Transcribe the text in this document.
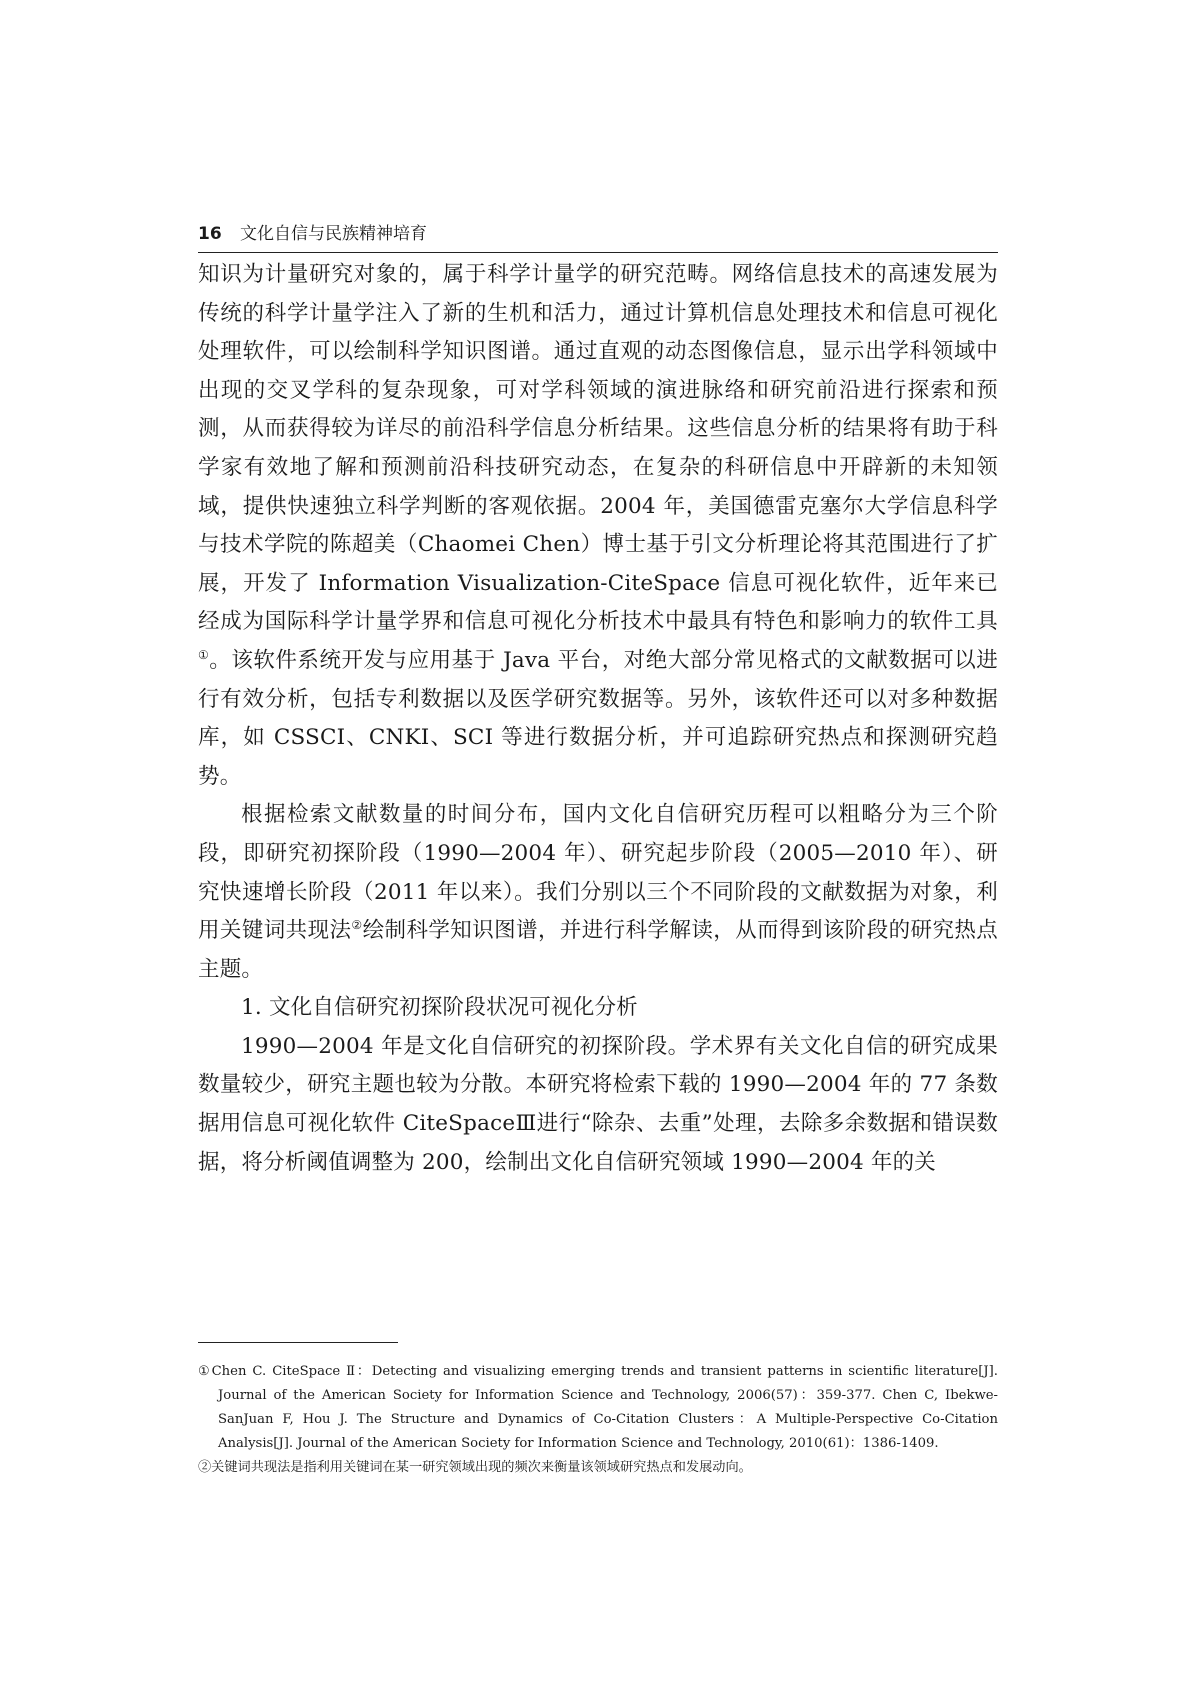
16 文化自信与民族精神培育

知识为计量研究对象的，属于科学计量学的研究范畴。网络信息技术的高速发展为传统的科学计量学注入了新的生机和活力，通过计算机信息处理技术和信息可视化处理软件，可以绘制科学知识图谱。通过直观的动态图像信息，显示出学科领域中出现的交叉学科的复杂现象，可对学科领域的演进脉络和研究前沿进行探索和预测，从而获得较为详尽的前沿科学信息分析结果。这些信息分析的结果将有助于科学家有效地了解和预测前沿科技研究动态，在复杂的科研信息中开辟新的未知领域，提供快速独立科学判断的客观依据。2004 年，美国德雷克塞尔大学信息科学与技术学院的陈超美（Chaomei Chen）博士基于引文分析理论将其范围进行了扩展，开发了 Information Visualization-CiteSpace 信息可视化软件，近年来已经成为国际科学计量学界和信息可视化分析技术中最具有特色和影响力的软件工具①。该软件系统开发与应用基于 Java 平台，对绝大部分常见格式的文献数据可以进行有效分析，包括专利数据以及医学研究数据等。另外，该软件还可以对多种数据库，如 CSSCI、CNKI、SCI 等进行数据分析，并可追踪研究热点和探测研究趋势。

根据检索文献数量的时间分布，国内文化自信研究历程可以粗略分为三个阶段，即研究初探阶段（1990—2004 年）、研究起步阶段（2005—2010 年）、研究快速增长阶段（2011 年以来）。我们分别以三个不同阶段的文献数据为对象，利用关键词共现法②绘制科学知识图谱，并进行科学解读，从而得到该阶段的研究热点主题。

1. 文化自信研究初探阶段状况可视化分析

1990—2004 年是文化自信研究的初探阶段。学术界有关文化自信的研究成果数量较少，研究主题也较为分散。本研究将检索下载的 1990—2004 年的 77 条数据用信息可视化软件 CiteSpaceⅢ进行“除杂、去重”处理，去除多余数据和错误数据，将分析阈值调整为 200，绘制出文化自信研究领域 1990—2004 年的关

①Chen C. CiteSpace Ⅱ：Detecting and visualizing emerging trends and transient patterns in scientific literature[J]. Journal of the American Society for Information Science and Technology, 2006(57)：359-377. Chen C, Ibekwe-SanJuan F, Hou J. The Structure and Dynamics of Co-Citation Clusters：A Multiple-Perspective Co-Citation Analysis[J]. Journal of the American Society for Information Science and Technology, 2010(61)：1386-1409.

②关键词共现法是指利用关键词在某一研究领域出现的频次来衡量该领域研究热点和发展动向。
